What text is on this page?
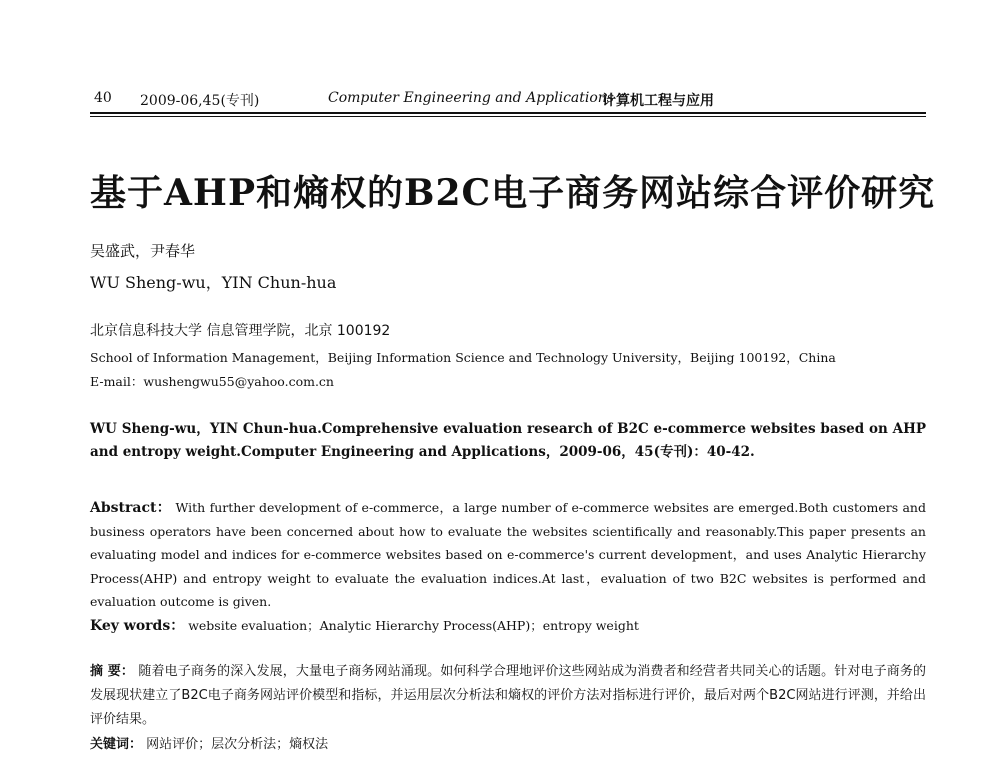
40 2009-06,45(专刊)	Computer Engineering and Applications
计算机工程与应用
基于AHP和熵权的B2C电子商务网站综合评价研究
吴盛武，尹春华
WU Sheng-wu，YIN Chun-hua
北京信息科技大学 信息管理学院，北京 100192
School of Information Management，Beijing Information Science and Technology University，Beijing 100192，China
E-mail：wushengwu55@yahoo.com.cn
WU Sheng-wu，YIN Chun-hua.Comprehensive evaluation research of B2C e-commerce websites based on AHP and entropy weight.Computer Engineering and Applications，2009-06，45(专刊)：40-42.
Abstract： With further development of e-commerce，a large number of e-commerce websites are emerged.Both customers and business operators have been concerned about how to evaluate the websites scientifically and reasonably.This paper presents an evaluating model and indices for e-commerce websites based on e-commerce's current development，and uses Analytic Hierarchy Process(AHP) and entropy weight to evaluate the evaluation indices.At last，evaluation of two B2C websites is performed and evaluation outcome is given.
Key words： website evaluation；Analytic Hierarchy Process(AHP)；entropy weight
摘 要： 随着电子商务的深入发展，大量电子商务网站涌现。如何科学合理地评价这些网站成为消费者和经营者共同关心的话题。针对电子商务的发展现状建立了B2C电子商务网站评价模型和指标，并运用层次分析法和熵权的评价方法对指标进行评价，最后对两个B2C网站进行评测，并给出评价结果。
关键词： 网站评价；层次分析法；熵权法
